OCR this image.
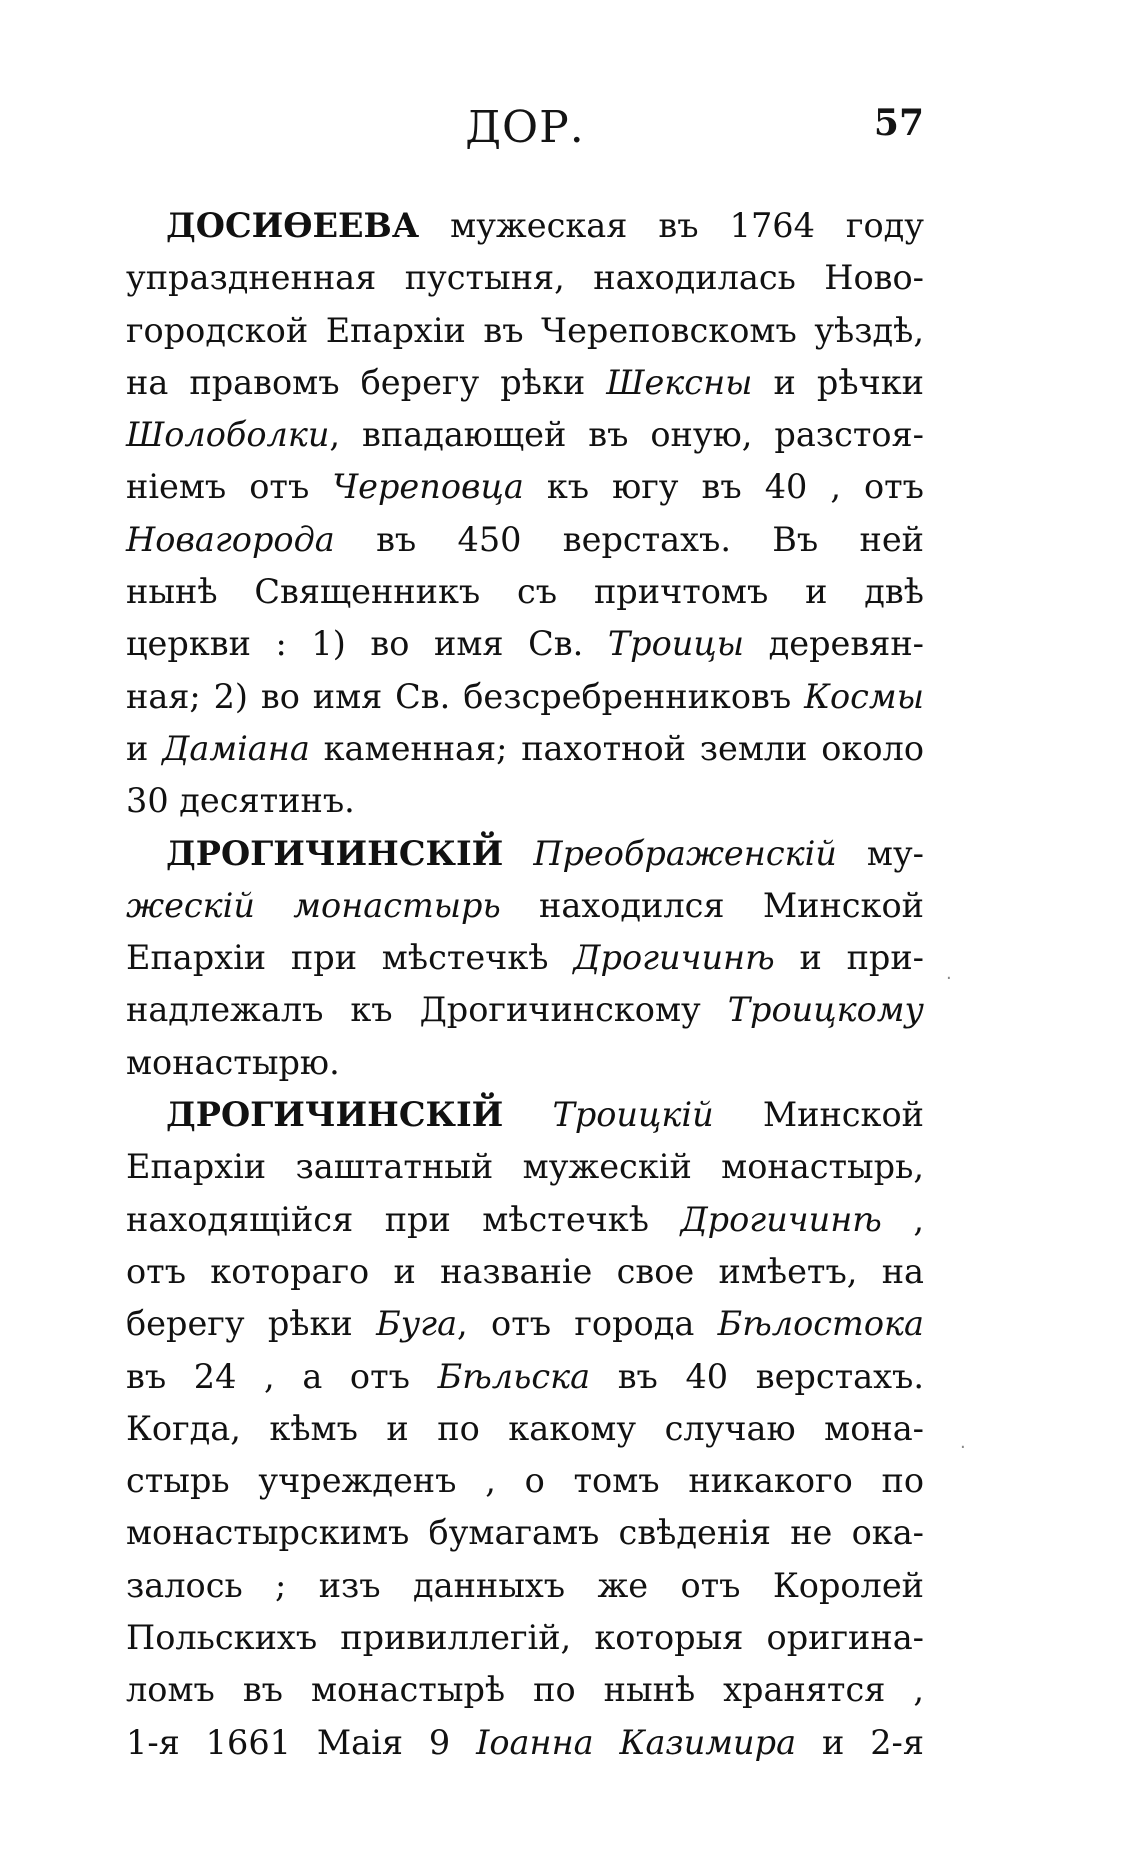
ДОР.	57
ДОСИѲЕЕВА мужеская въ 1764 году
упраздненная пустыня, находилась Ново-
городской Епархіи въ Череповскомъ уѣздѣ,
на правомъ берегу рѣки Шексны и рѣчки
Шолоболки, впадающей въ оную, разстоя-
ніемъ отъ Череповца къ югу въ 40 , отъ
Новагорода въ 450 верстахъ. Въ ней
нынѣ Священникъ съ причтомъ и двѣ
церкви : 1) во имя Св. Троицы деревян-
ная; 2) во имя Св. безсребренниковъ Космы
и Даміана каменная; пахотной земли около
30 десятинъ.
ДРОГИЧИНСКІЙ Преображенскій му-
жескій монастырь находился Минской
Епархіи при мѣстечкѣ Дрогичинѣ и при-
надлежалъ къ Дрогичинскому Троицкому
монастырю.
ДРОГИЧИНСКІЙ Троицкій Минской
Епархіи заштатный мужескій монастырь,
находящійся при мѣстечкѣ Дрогичинѣ ,
отъ котораго и названіе свое имѣетъ, на
берегу рѣки Буга, отъ города Бѣлостока
въ 24 , а отъ Бѣльска въ 40 верстахъ.
Когда, кѣмъ и по какому случаю мона-
стырь учрежденъ , о томъ никакого по
монастырскимъ бумагамъ свѣденія не ока-
залось ; изъ данныхъ же отъ Королей
Польскихъ привиллегій, которыя оригина-
ломъ въ монастырѣ по нынѣ хранятся ,
1-я 1661 Маія 9 Іоанна Казимира и 2-я
·
·
